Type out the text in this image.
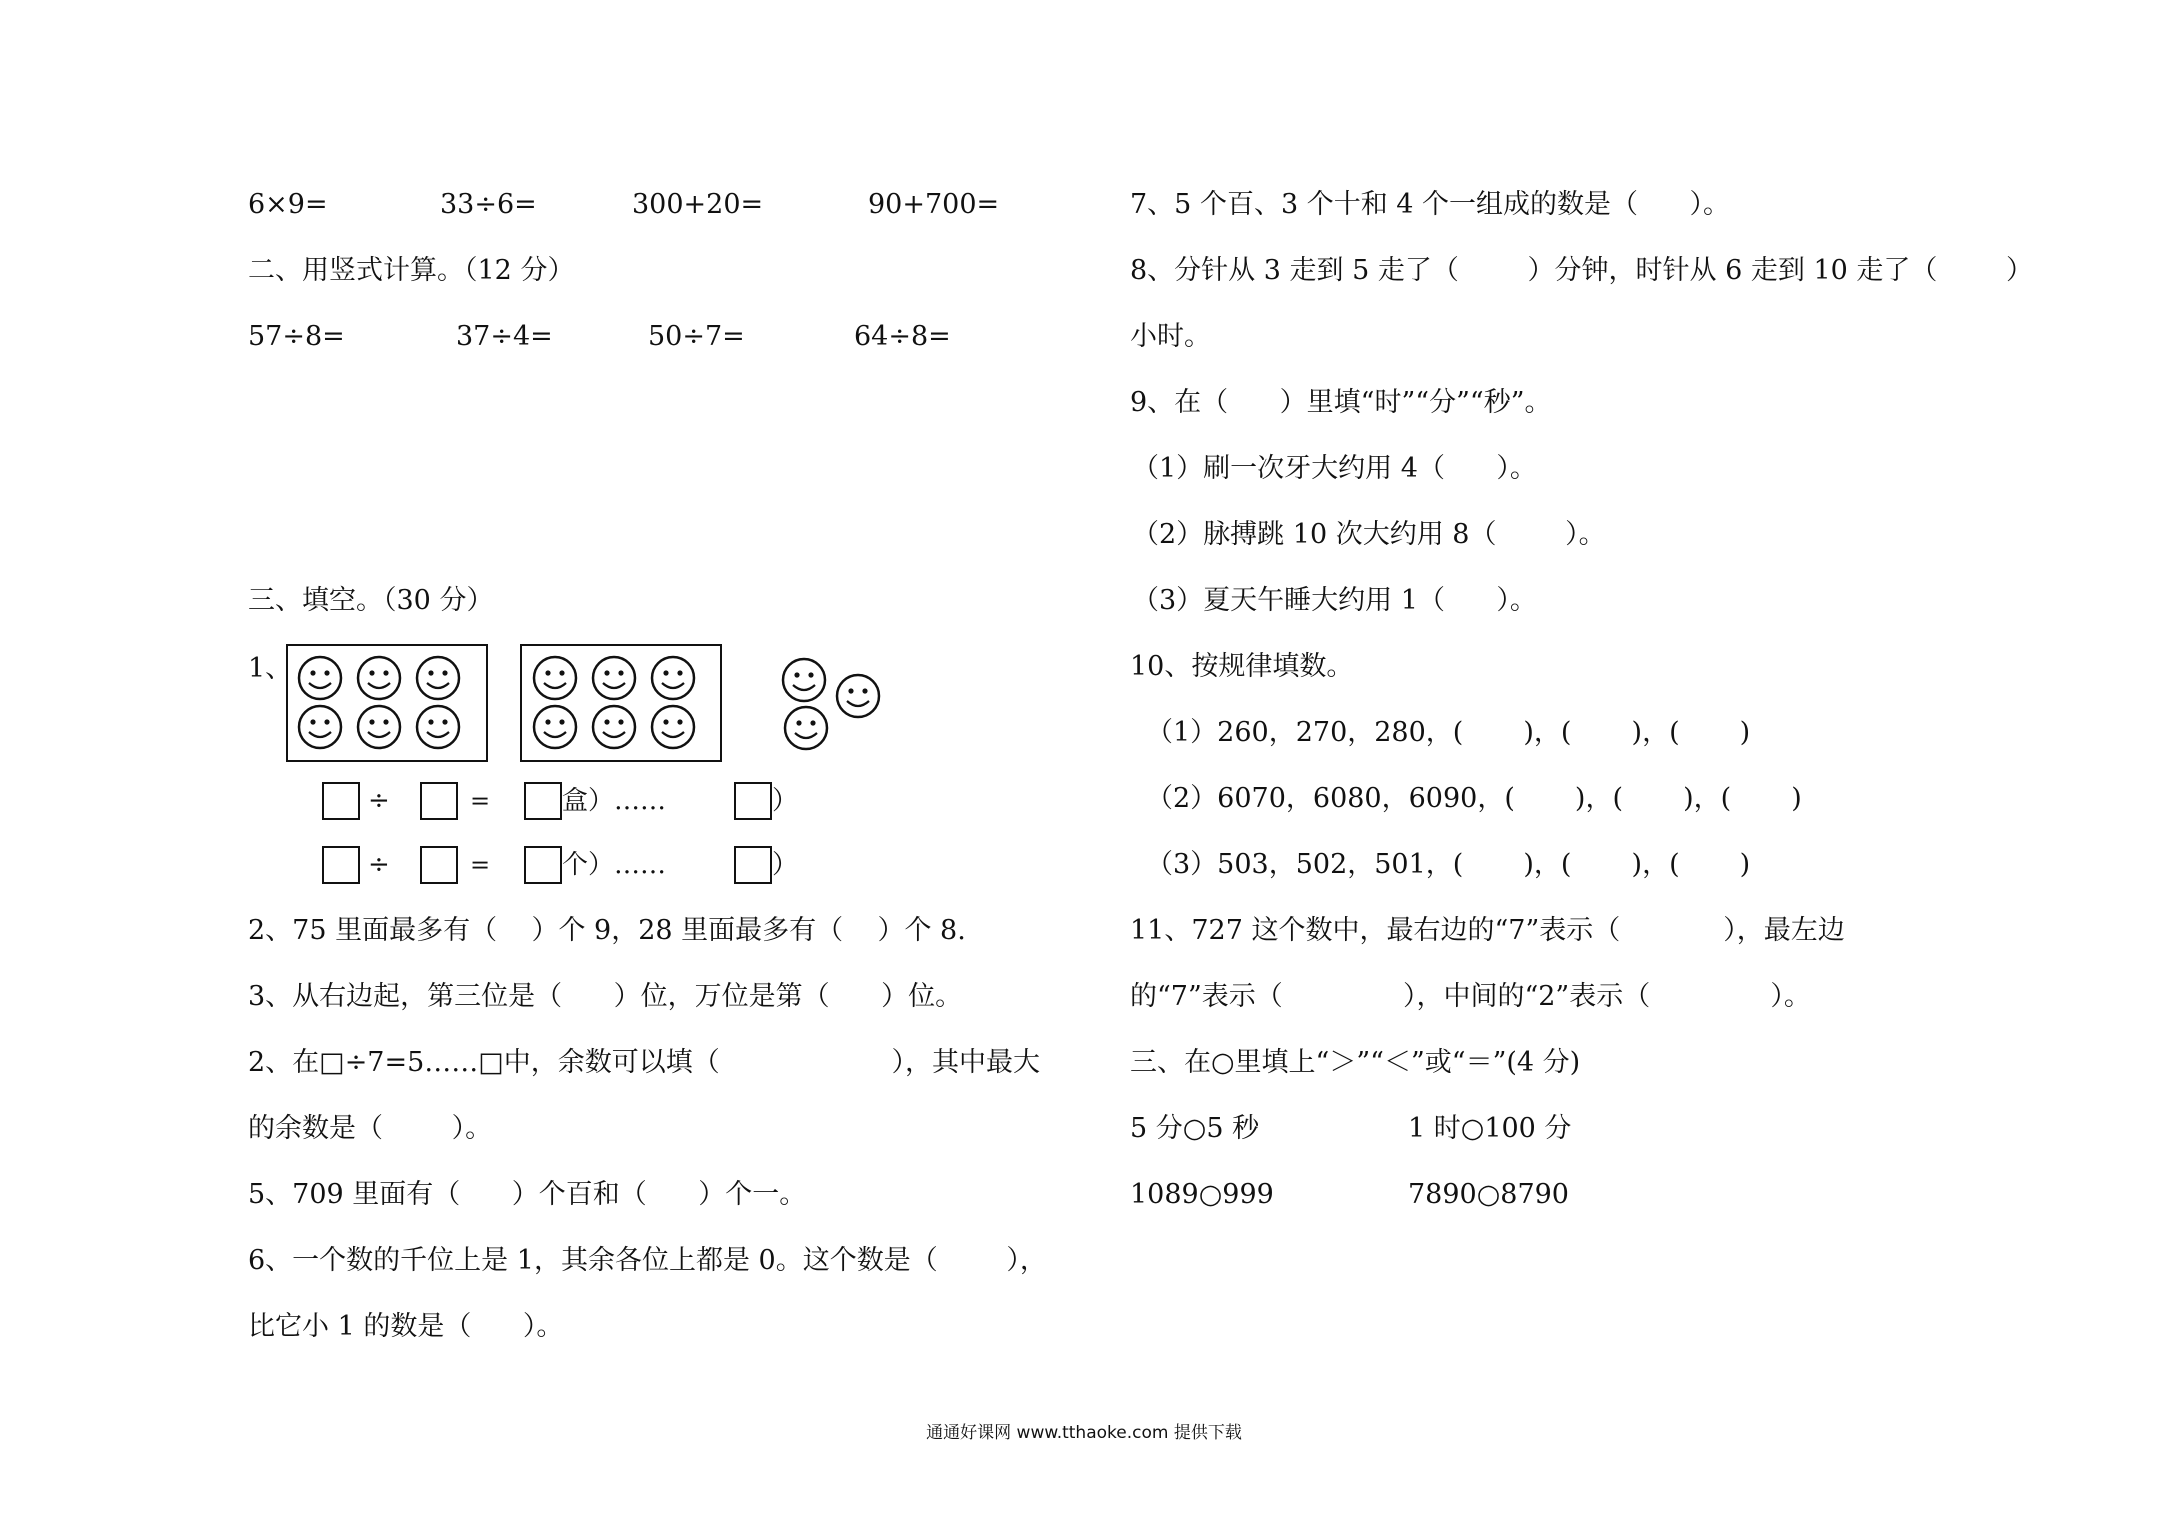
6×9=	33÷6=	300+20=	90+700=
二、用竖式计算。（12 分）
57÷8=	37÷4=	50÷7=	64÷8=
三、填空。（30 分）
1、
÷	=	盒）……	）
÷	=	个）……	）
2、75 里面最多有（    ）个 9，28 里面最多有（    ）个 8.
3、从右边起，第三位是（      ）位，万位是第（      ）位。
2、在□÷7=5……□中，余数可以填（                    ），其中最大
的余数是（        ）。
5、709 里面有（      ）个百和（      ）个一。
6、一个数的千位上是 1，其余各位上都是 0。这个数是（        ），
比它小 1 的数是（      ）。
7、5 个百、3 个十和 4 个一组成的数是（      ）。
8、分针从 3 走到 5 走了（        ）分钟，时针从 6 走到 10 走了（        ）
小时。
9、在（      ）里填“时”“分”“秒”。
（1）刷一次牙大约用 4（      ）。
（2）脉搏跳 10 次大约用 8（        ）。
（3）夏天午睡大约用 1（      ）。
10、按规律填数。
（1）260，270，280，(       )，(       )，(       )
（2）6070，6080，6090，(       )，(       )，(       )
（3）503，502，501，(       )，(       )，(       )
11、727 这个数中，最右边的“7”表示（            ），最左边
的“7”表示（              ），中间的“2”表示（              ）。
三、在○里填上“＞”“＜”或“＝”(4 分)
5 分○5 秒	1 时○100 分
1089○999	7890○8790
通通好课网 www.tthaoke.com 提供下载
